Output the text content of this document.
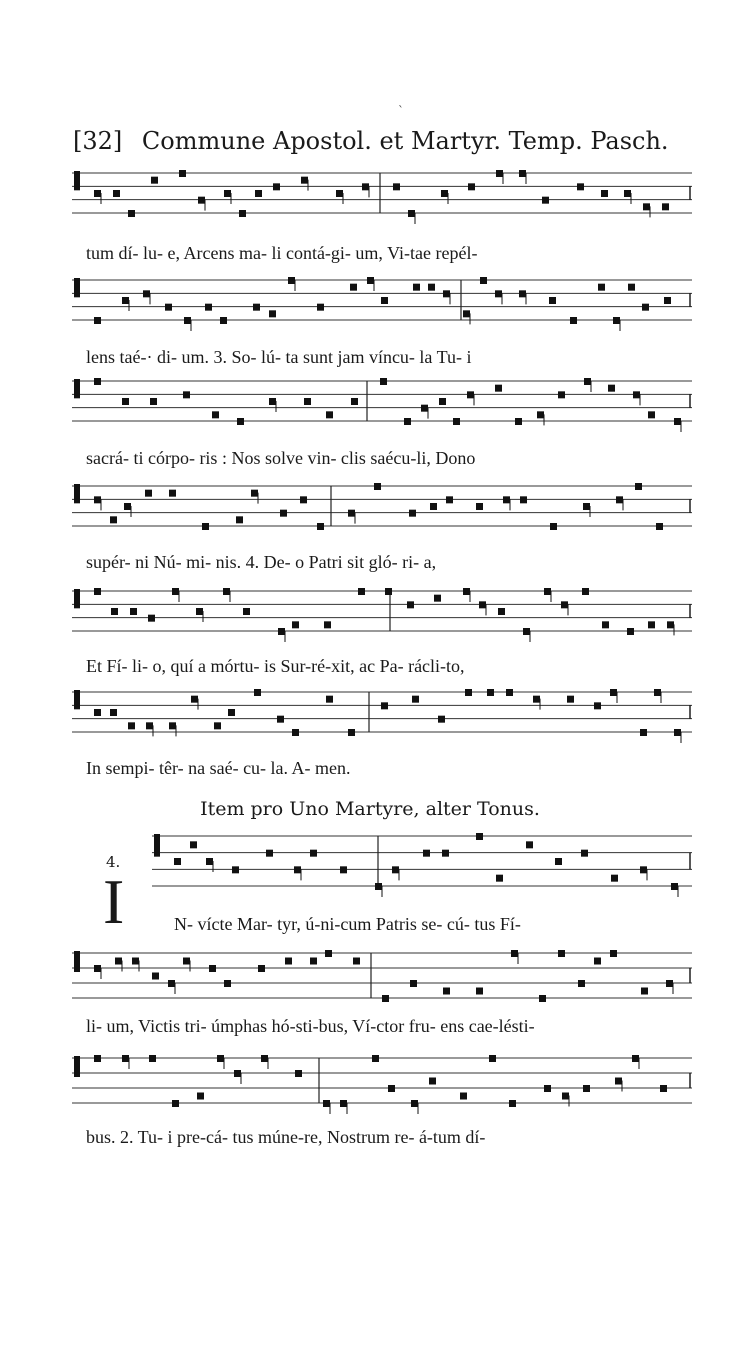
`
[32] Commune Apostol. et Martyr. Temp. Pasch.
tum dí- lu- e, Arcens ma- li contá-gi- um, Vi-tae repél-
lens taé-· di- um. 3. So- lú- ta sunt jam víncu- la Tu- i
sacrá- ti córpo- ris : Nos solve vin- clis saécu-li, Dono
supér- ni Nú- mi- nis. 4. De- o Patri sit gló- ri- a,
Et Fí- li- o, quí a mórtu- is Sur-ré-xit, ac Pa- rácli-to,
In sempi- têr- na saé- cu- la. A- men.
Item pro Uno Martyre, alter Tonus.
4.
I	N- vícte Mar- tyr, ú-ni-cum Patris se- cú- tus Fí-
li- um, Victis tri- úmphas hó-sti-bus, Ví-ctor fru- ens cae-lésti-
bus. 2. Tu- i pre-cá- tus múne-re, Nostrum re- á-tum dí-
